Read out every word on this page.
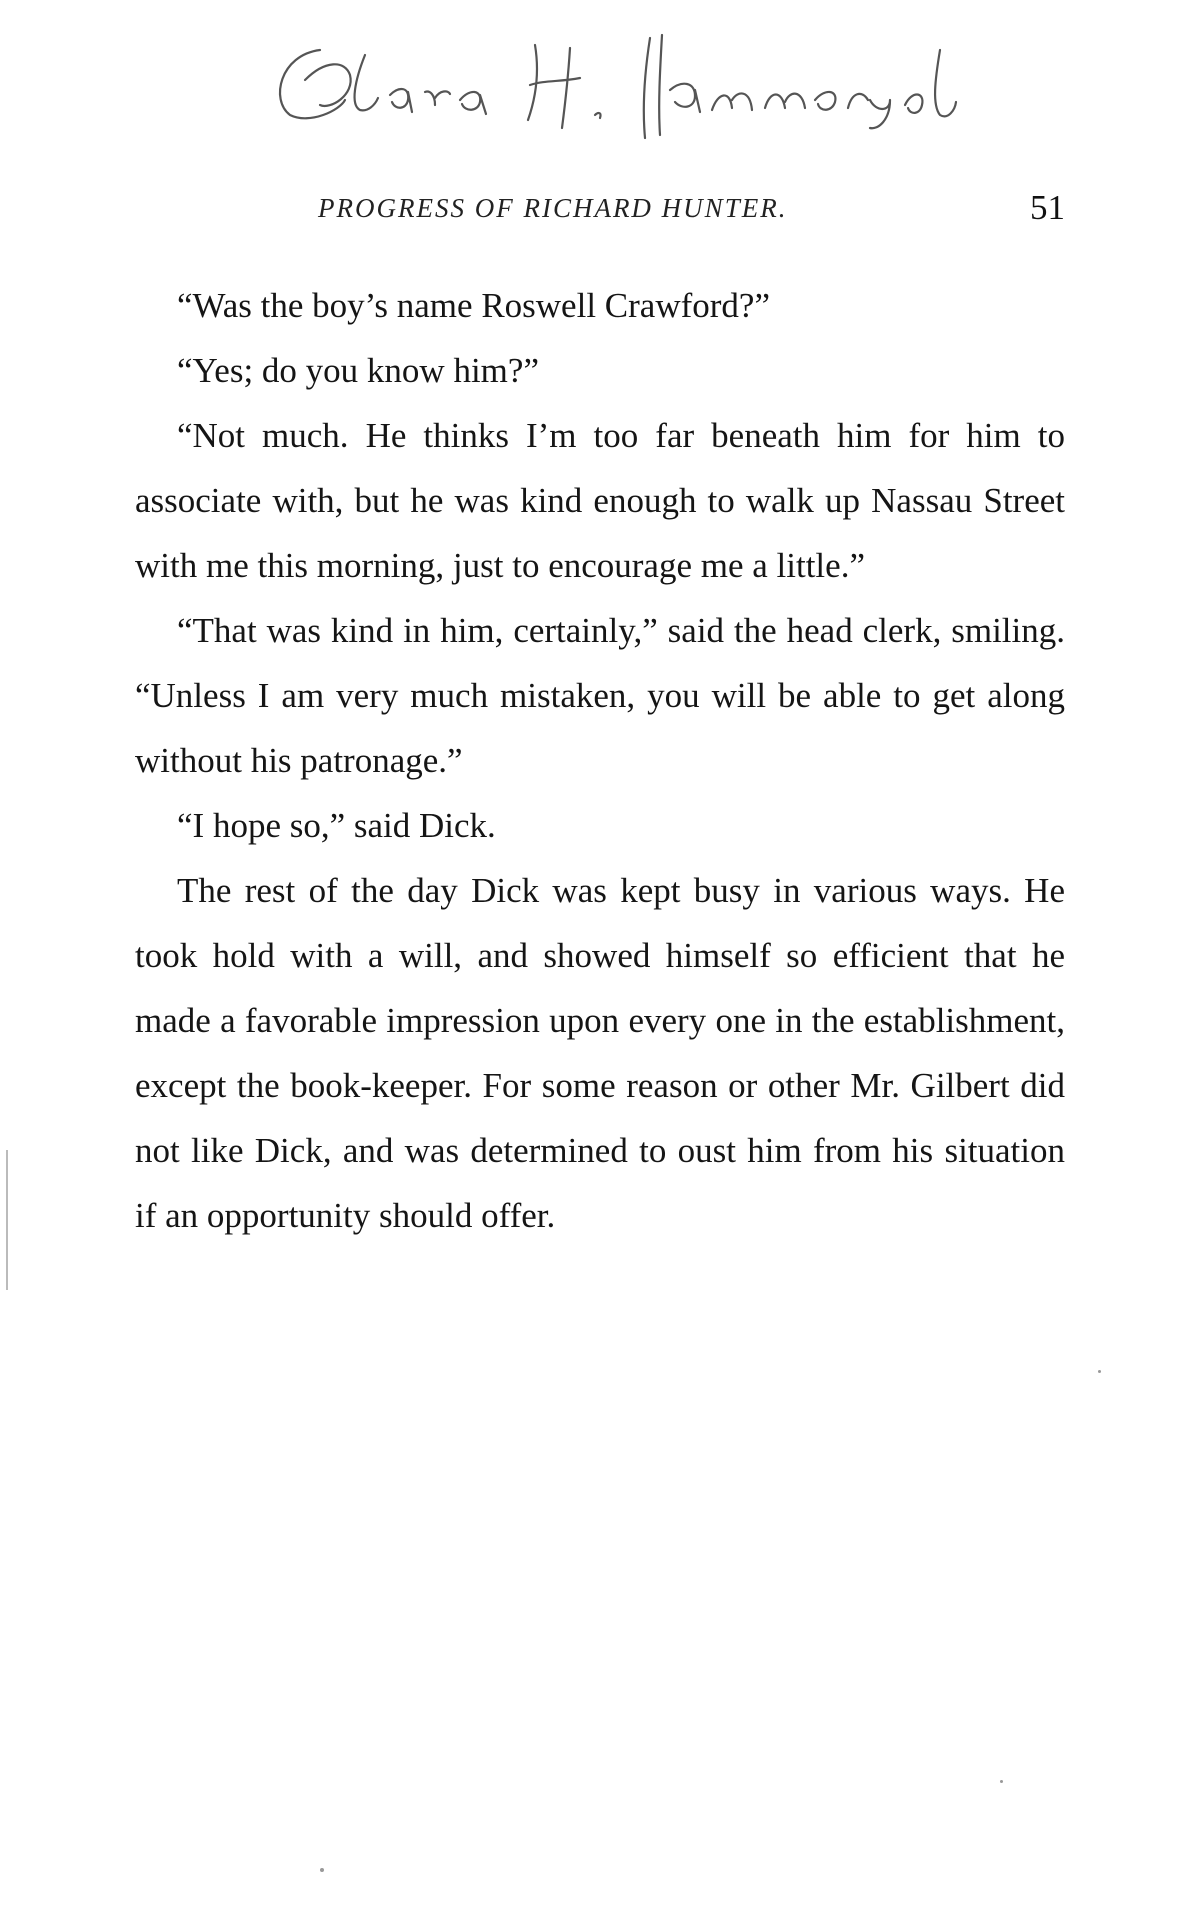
PROGRESS OF RICHARD HUNTER.	51

“Was the boy’s name Roswell Crawford?”

“Yes; do you know him?”

“Not much. He thinks I’m too far beneath him for him to associate with, but he was kind enough to walk up Nassau Street with me this morning, just to encourage me a little.”

“That was kind in him, certainly,” said the head clerk, smiling. “Unless I am very much mistaken, you will be able to get along without his patronage.”

“I hope so,” said Dick.

The rest of the day Dick was kept busy in various ways. He took hold with a will, and showed himself so efficient that he made a favorable impression upon every one in the establishment, except the book-keeper. For some reason or other Mr. Gilbert did not like Dick, and was determined to oust him from his situation if an opportunity should offer.
